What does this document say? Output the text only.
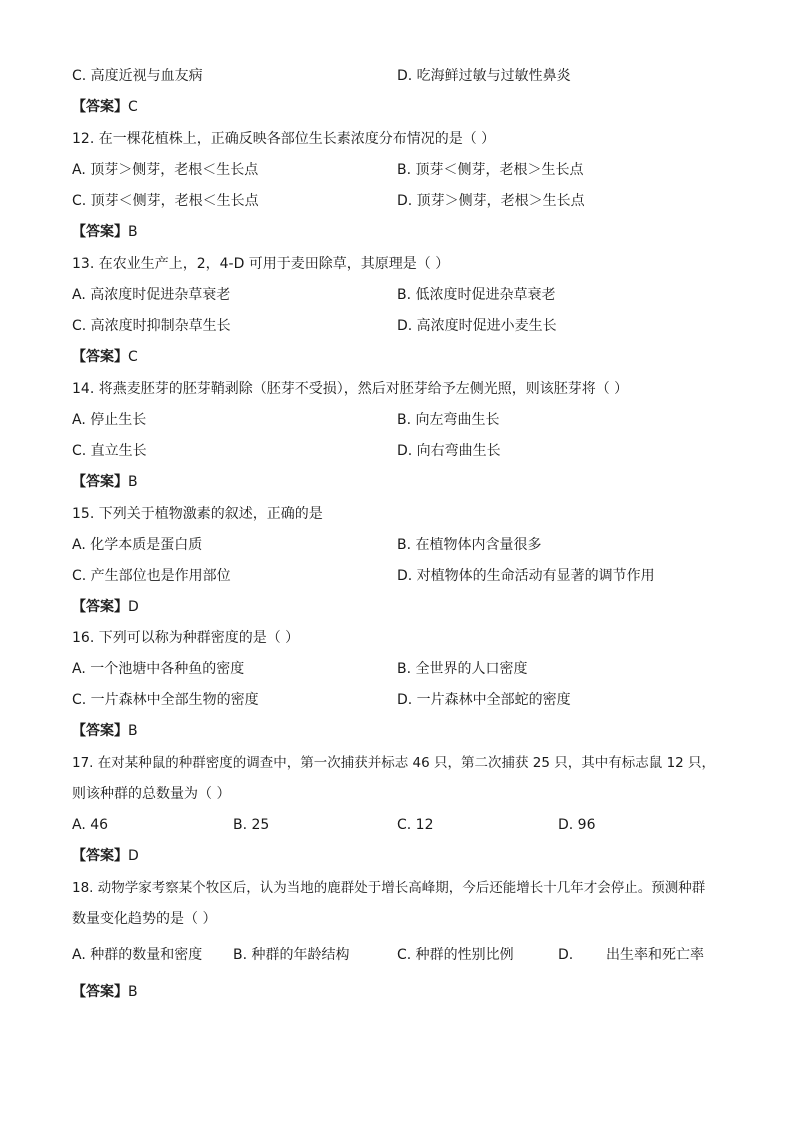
C. 高度近视与血友病	D. 吃海鲜过敏与过敏性鼻炎
【答案】C
12. 在一棵花植株上，正确反映各部位生长素浓度分布情况的是（ ）
A. 顶芽＞侧芽，老根＜生长点	B. 顶芽＜侧芽，老根＞生长点
C. 顶芽＜侧芽，老根＜生长点	D. 顶芽＞侧芽，老根＞生长点
【答案】B
13. 在农业生产上，2，4-D 可用于麦田除草，其原理是（ ）
A. 高浓度时促进杂草衰老	B. 低浓度时促进杂草衰老
C. 高浓度时抑制杂草生长	D. 高浓度时促进小麦生长
【答案】C
14. 将燕麦胚芽的胚芽鞘剥除（胚芽不受损），然后对胚芽给予左侧光照，则该胚芽将（ ）
A. 停止生长	B. 向左弯曲生长
C. 直立生长	D. 向右弯曲生长
【答案】B
15. 下列关于植物激素的叙述，正确的是
A. 化学本质是蛋白质	B. 在植物体内含量很多
C. 产生部位也是作用部位	D. 对植物体的生命活动有显著的调节作用
【答案】D
16. 下列可以称为种群密度的是（ ）
A. 一个池塘中各种鱼的密度	B. 全世界的人口密度
C. 一片森林中全部生物的密度	D. 一片森林中全部蛇的密度
【答案】B
17. 在对某种鼠的种群密度的调查中，第一次捕获并标志 46 只，第二次捕获 25 只，其中有标志鼠 12 只，
则该种群的总数量为（ ）
A. 46	B. 25	C. 12	D. 96
【答案】D
18. 动物学家考察某个牧区后，认为当地的鹿群处于增长高峰期，今后还能增长十几年才会停止。预测种群
数量变化趋势的是（ ）
A. 种群的数量和密度 B. 种群的年龄结构	C. 种群的性别比例	D. 出生率和死亡率
【答案】B
